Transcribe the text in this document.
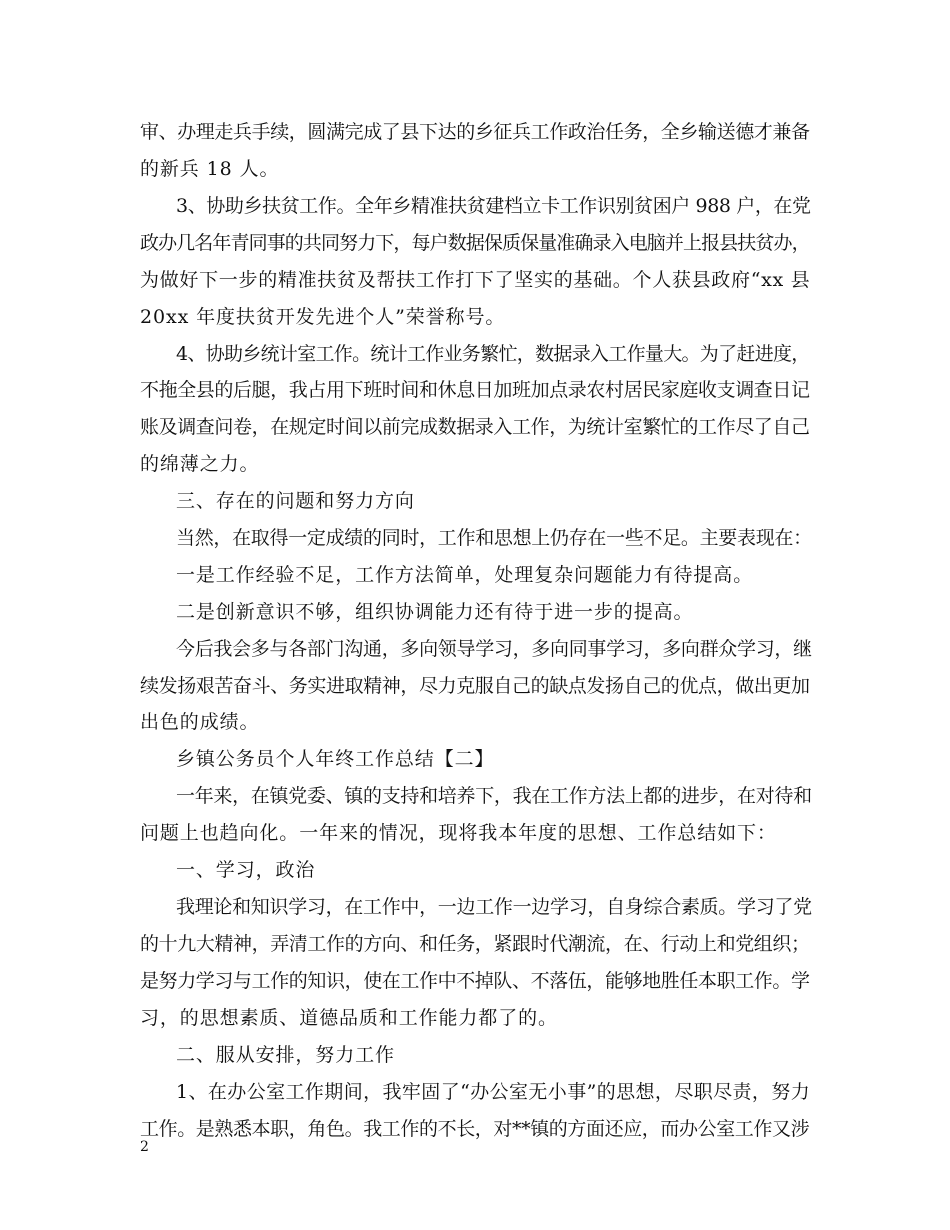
审、办理走兵手续，圆满完成了县下达的乡征兵工作政治任务，全乡输送德才兼备
的新兵 18 人。
3、协助乡扶贫工作。全年乡精准扶贫建档立卡工作识别贫困户 988 户，在党
政办几名年青同事的共同努力下，每户数据保质保量准确录入电脑并上报县扶贫办，
为做好下一步的精准扶贫及帮扶工作打下了坚实的基础。个人获县政府“xx 县
20xx 年度扶贫开发先进个人”荣誉称号。
4、协助乡统计室工作。统计工作业务繁忙，数据录入工作量大。为了赶进度，
不拖全县的后腿，我占用下班时间和休息日加班加点录农村居民家庭收支调查日记
账及调查问卷，在规定时间以前完成数据录入工作，为统计室繁忙的工作尽了自己
的绵薄之力。
三、存在的问题和努力方向
当然，在取得一定成绩的同时，工作和思想上仍存在一些不足。主要表现在：
一是工作经验不足，工作方法简单，处理复杂问题能力有待提高。
二是创新意识不够，组织协调能力还有待于进一步的提高。
今后我会多与各部门沟通，多向领导学习，多向同事学习，多向群众学习，继
续发扬艰苦奋斗、务实进取精神，尽力克服自己的缺点发扬自己的优点，做出更加
出色的成绩。
乡镇公务员个人年终工作总结【二】
一年来，在镇党委、镇的支持和培养下，我在工作方法上都的进步，在对待和
问题上也趋向化。一年来的情况，现将我本年度的思想、工作总结如下：
一、学习，政治
我理论和知识学习，在工作中，一边工作一边学习，自身综合素质。学习了党
的十九大精神，弄清工作的方向、和任务，紧跟时代潮流，在、行动上和党组织；
是努力学习与工作的知识，使在工作中不掉队、不落伍，能够地胜任本职工作。学
习，的思想素质、道德品质和工作能力都了的。
二、服从安排，努力工作
1、在办公室工作期间，我牢固了“办公室无小事”的思想，尽职尽责，努力
工作。是熟悉本职，角色。我工作的不长，对**镇的方面还应，而办公室工作又涉
2
